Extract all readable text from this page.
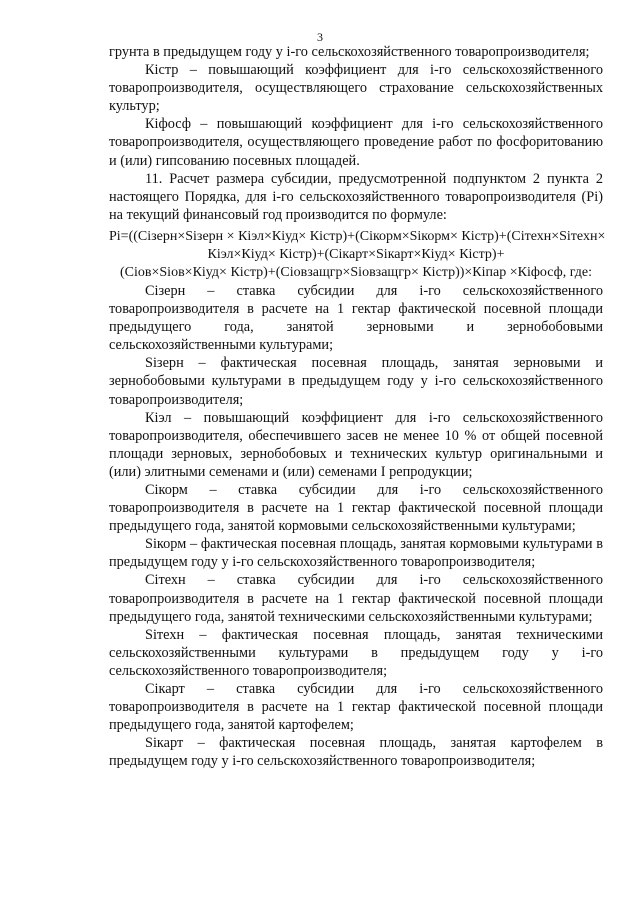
3

грунта в предыдущем году у i-го сельскохозяйственного товаропроизводителя;

Кiстр – повышающий коэффициент для i-го сельскохозяйственного товаропроизводителя, осуществляющего страхование сельскохозяйственных культур;

Кiфосф – повышающий коэффициент для i-го сельскохозяйственного товаропроизводителя, осуществляющего проведение работ по фосфоритованию и (или) гипсованию посевных площадей.

11. Расчет размера субсидии, предусмотренной подпунктом 2 пункта 2 настоящего Порядка, для i-го сельскохозяйственного товаропроизводителя (Рi) на текущий финансовый год производится по формуле:

Рi=((Сiзерн×Siзерн × Кiэл×Кiуд× Кiстр)+(Сiкорм×Siкорм× Кiстр)+(Сiтехн×Siтехн×
Кiэл×Кiуд× Кiстр)+(Сiкарт×Siкарт×Кiуд× Кiстр)+
(Сiов×Siов×Кiуд× Кiстр)+(Сiовзащгр×Siовзащгр× Кiстр))×Кiпар ×Кiфосф, где:

Сiзерн – ставка субсидии для i-го сельскохозяйственного товаропроизводителя в расчете на 1 гектар фактической посевной площади предыдущего года, занятой зерновыми и зернобобовыми сельскохозяйственными культурами;

Siзерн – фактическая посевная площадь, занятая зерновыми и зернобобовыми культурами в предыдущем году у i-го сельскохозяйственного товаропроизводителя;

Кiэл – повышающий коэффициент для i-го сельскохозяйственного товаропроизводителя, обеспечившего засев не менее 10 % от общей посевной площади зерновых, зернобобовых и технических культур оригинальными и (или) элитными семенами и (или) семенами I репродукции;

Сiкорм – ставка субсидии для i-го сельскохозяйственного товаропроизводителя в расчете на 1 гектар фактической посевной площади предыдущего года, занятой кормовыми сельскохозяйственными культурами;

Siкорм – фактическая посевная площадь, занятая кормовыми культурами в предыдущем году у i-го сельскохозяйственного товаропроизводителя;

Сiтехн – ставка субсидии для i-го сельскохозяйственного товаропроизводителя в расчете на 1 гектар фактической посевной площади предыдущего года, занятой техническими сельскохозяйственными культурами;

Siтехн – фактическая посевная площадь, занятая техническими сельскохозяйственными культурами в предыдущем году у i-го сельскохозяйственного товаропроизводителя;

Сiкарт – ставка субсидии для i-го сельскохозяйственного товаропроизводителя в расчете на 1 гектар фактической посевной площади предыдущего года, занятой картофелем;

Siкарт – фактическая посевная площадь, занятая картофелем в предыдущем году у i-го сельскохозяйственного товаропроизводителя;
